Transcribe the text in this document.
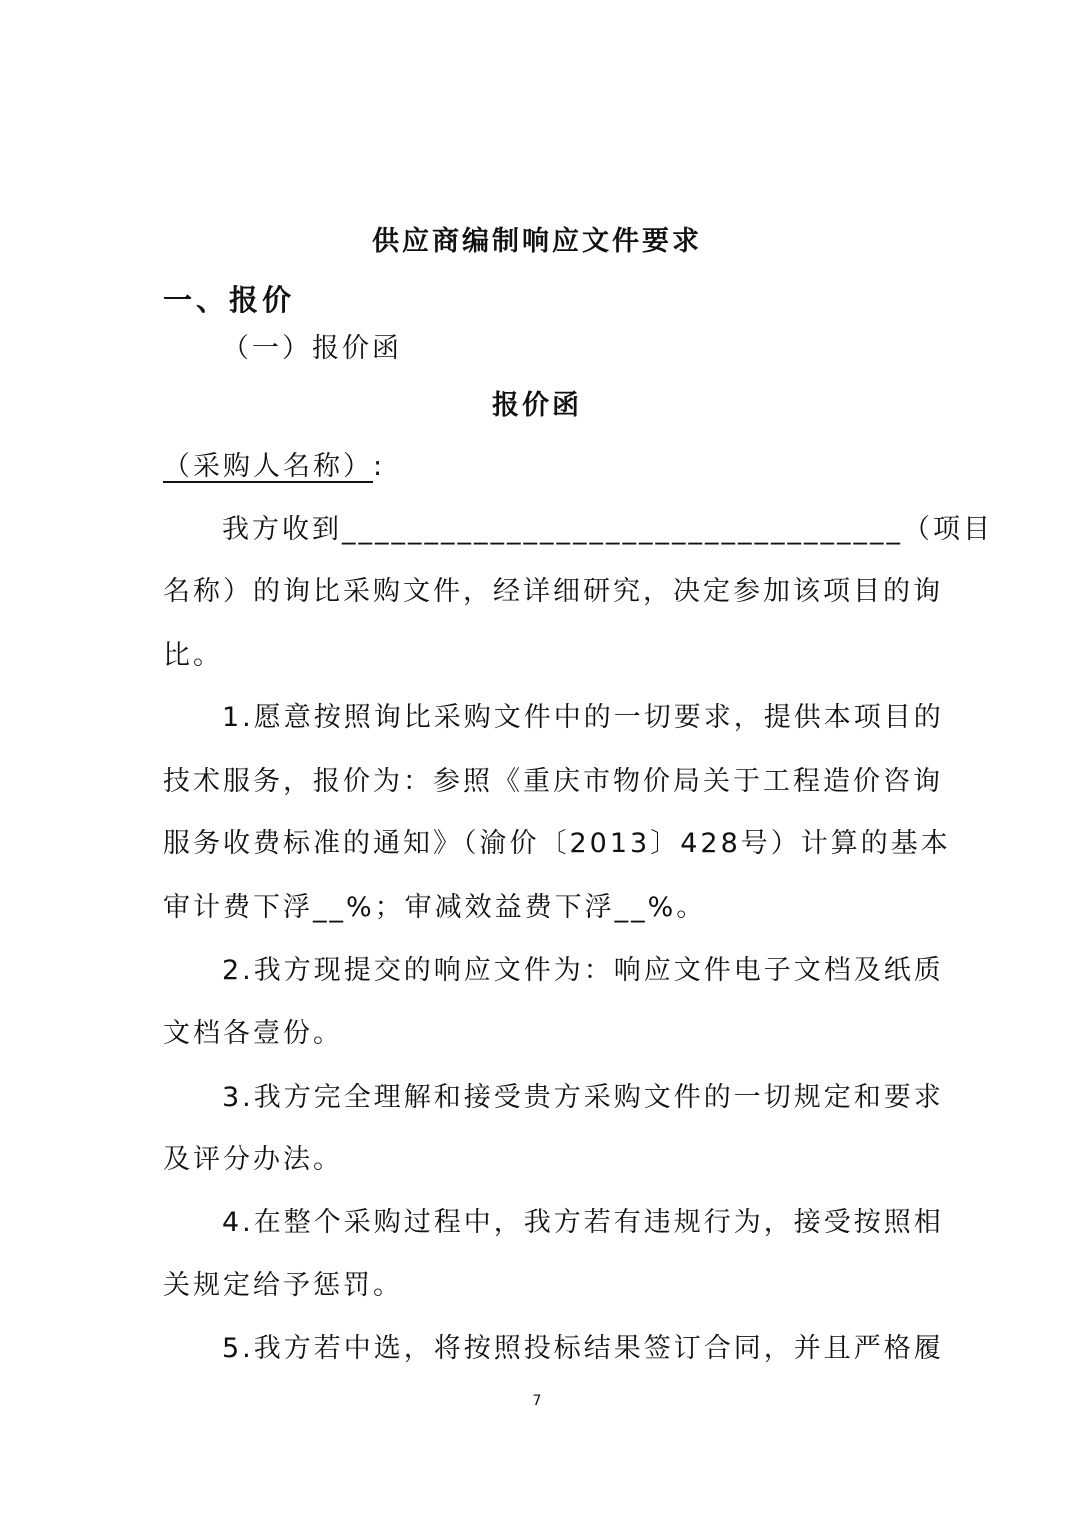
供应商编制响应文件要求
一、报价
（一）报价函
报价函
（采购人名称）:
我方收到__________________________________（项目
名称）的询比采购文件，经详细研究，决定参加该项目的询
比。
1.愿意按照询比采购文件中的一切要求，提供本项目的
技术服务，报价为：参照《重庆市物价局关于工程造价咨询
服务收费标准的通知》（渝价〔2013〕428号）计算的基本
审计费下浮__%；审减效益费下浮__%。
2.我方现提交的响应文件为：响应文件电子文档及纸质
文档各壹份。
3.我方完全理解和接受贵方采购文件的一切规定和要求
及评分办法。
4.在整个采购过程中，我方若有违规行为，接受按照相
关规定给予惩罚。
5.我方若中选，将按照投标结果签订合同，并且严格履
7
